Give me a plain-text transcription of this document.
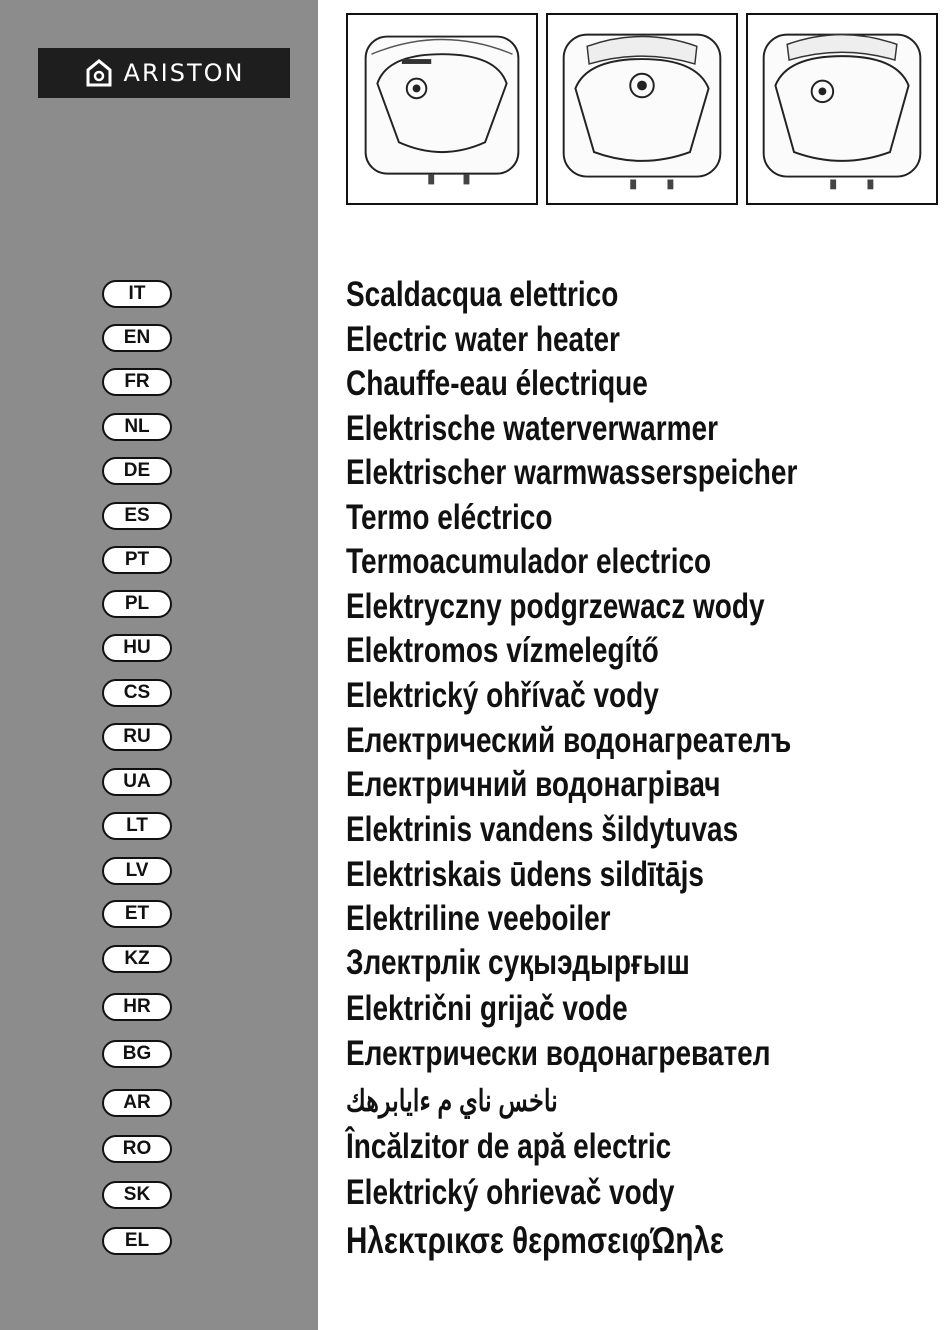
ARISTON
IT
EN
FR
NL
DE
ES
PT
PL
HU
CS
RU
UA
LT
LV
ET
KZ
HR
BG
AR
RO
SK
EL
Scaldacqua elettrico
Electric water heater
Chauffe-eau électrique
Elektrische waterverwarmer
Elektrischer warmwasserspeicher
Termo eléctrico
Termoacumulador electrico
Elektryczny podgrzewacz wody
Elektromos vízmelegítő
Elektrický ohřívač vody
Електрический водонагреателъ
Електричний водонагрівач
Elektrinis vandens šildytuvas
Elektriskais ūdens sildītājs
Elektriline veeboiler
Злектрлік суқыэдырғыш
Električni grijač vode
Електрически водонагревател
ناخس ناي م ءايابرهك
Încălzitor de apă electric
Elektrický ohrievač vody
Ηλεκτρικσε θερmσειφΏηλε
